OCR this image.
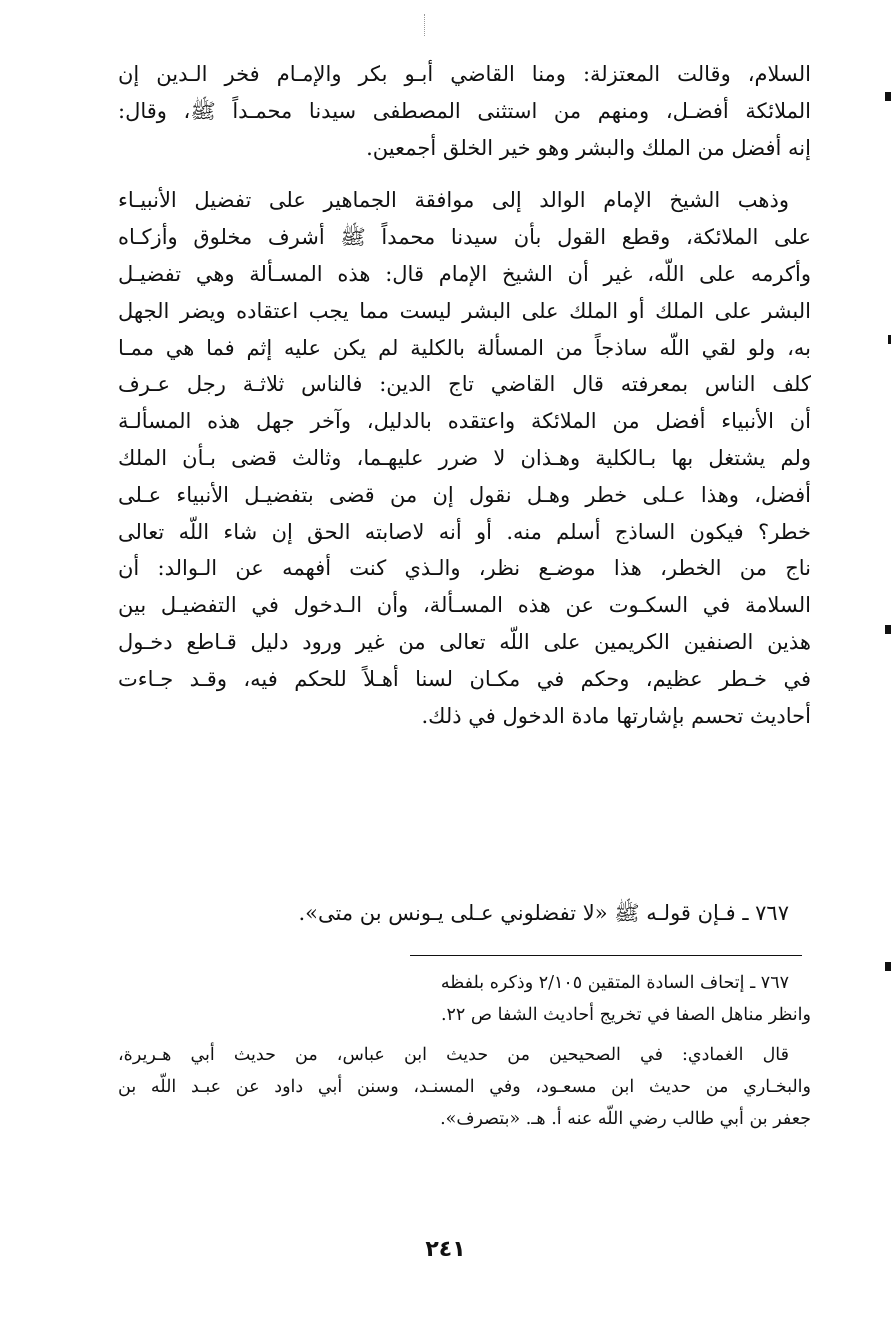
السلام، وقالت المعتزلة: ومنا القاضي أبـو بكر والإمـام فخر الـدين إن
الملائكة أفضـل، ومنهم من استثنى المصطفى سيدنا محمـداً ﷺ، وقال:
إنه أفضل من الملك والبشر وهو خير الخلق أجمعين.

وذهب الشيخ الإمام الوالد إلى موافقة الجماهير على تفضيل الأنبيـاء
على الملائكة، وقطع القول بأن سيدنا محمداً ﷺ أشرف مخلوق وأزكـاه
وأكرمه على اللّه، غير أن الشيخ الإمام قال: هذه المسـألة وهي تفضيـل
البشر على الملك أو الملك على البشر ليست مما يجب اعتقاده ويضر الجهل
به، ولو لقي اللّه ساذجاً من المسألة بالكلية لم يكن عليه إثم فما هي ممـا
كلف الناس بمعرفته قال القاضي تاج الدين: فالناس ثلاثـة رجل عـرف
أن الأنبياء أفضل من الملائكة واعتقده بالدليل، وآخر جهل هذه المسألـة
ولم يشتغل بها بـالكلية وهـذان لا ضرر عليهـما، وثالث قضى بـأن الملك
أفضل، وهذا عـلى خطر وهـل نقول إن من قضى بتفضيـل الأنبياء عـلى
خطر؟ فيكون الساذج أسلم منه. أو أنه لاصابته الحق إن شاء اللّه تعالى
ناج من الخطر، هذا موضـع نظر، والـذي كنت أفهمه عن الـوالد: أن
السلامة في السكـوت عن هذه المسـألة، وأن الـدخول في التفضيـل بين
هذين الصنفين الكريمين على اللّه تعالى من غير ورود دليل قـاطع دخـول
في خـطر عظيم، وحكم في مكـان لسنا أهـلاً للحكم فيه، وقـد جـاءت
أحاديث تحسم بإشارتها مادة الدخول في ذلك.

٧٦٧ ـ فـإن قولـه ﷺ «لا تفضلوني عـلى يـونس بن متى».
٧٦٧ ـ إتحاف السادة المتقين ٢/١٠٥ وذكره بلفظه
وانظر مناهل الصفا في تخريج أحاديث الشفا ص ٢٢.
قال الغمادي: في الصحيحين من حديث ابن عباس، من حديث أبي هـريرة،
والبخـاري من حديث ابن مسعـود، وفي المسنـد، وسنن أبي داود عن عبـد اللّه بن
جعفر بن أبي طالب رضي اللّه عنه أ. هـ. «بتصرف».
٢٤١
